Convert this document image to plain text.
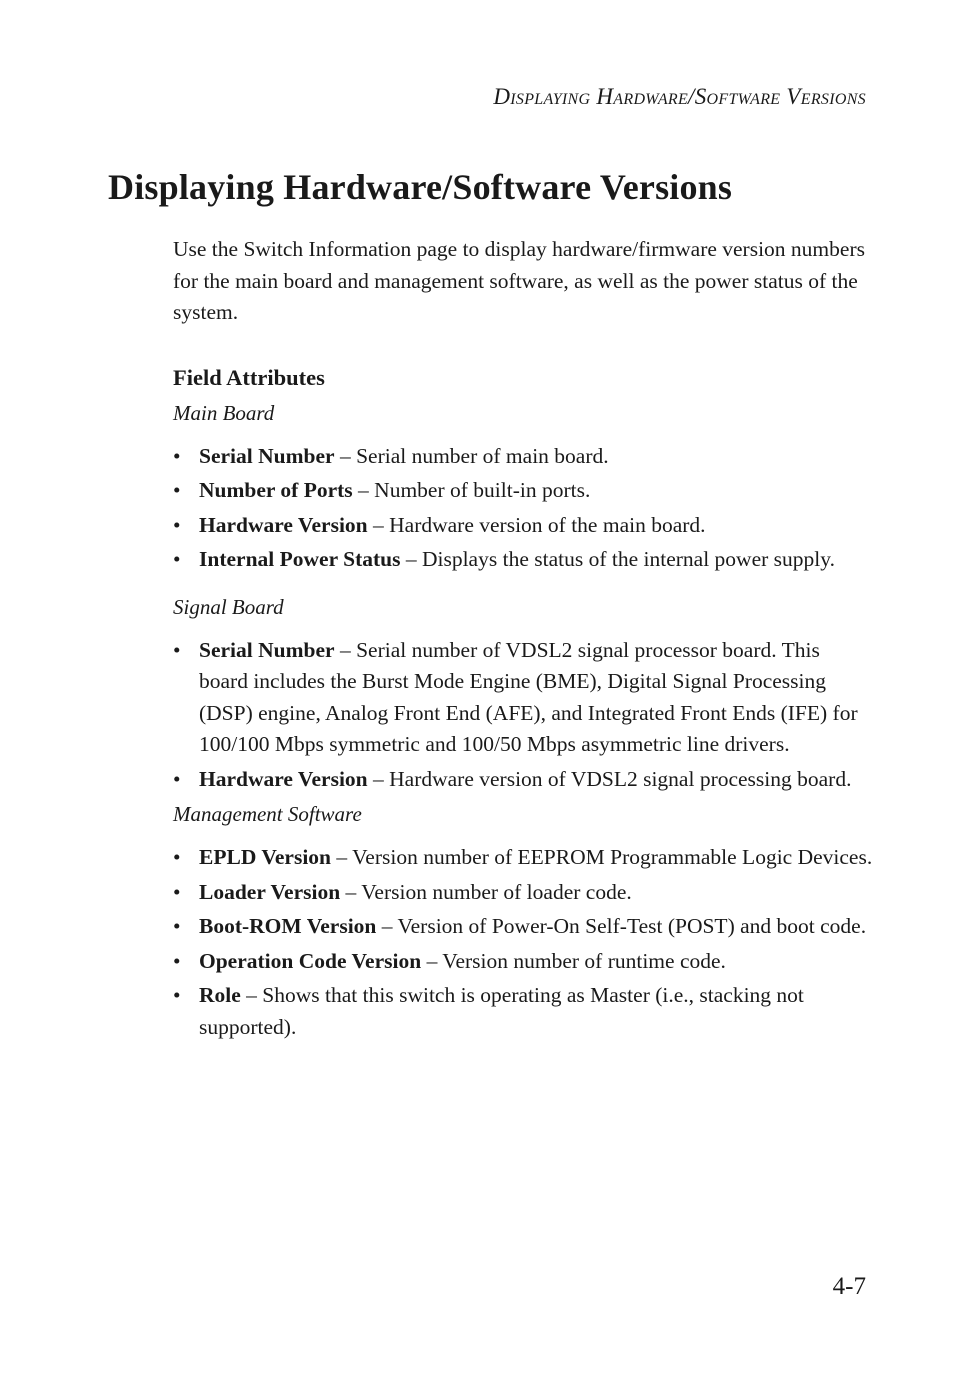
Displaying Hardware/Software Versions
Displaying Hardware/Software Versions

Use the Switch Information page to display hardware/firmware version numbers for the main board and management software, as well as the power status of the system.

Field Attributes
Main Board
• Serial Number – Serial number of main board.
• Number of Ports – Number of built-in ports.
• Hardware Version – Hardware version of the main board.
• Internal Power Status – Displays the status of the internal power supply.
Signal Board
• Serial Number – Serial number of VDSL2 signal processor board. This board includes the Burst Mode Engine (BME), Digital Signal Processing (DSP) engine, Analog Front End (AFE), and Integrated Front Ends (IFE) for 100/100 Mbps symmetric and 100/50 Mbps asymmetric line drivers.
• Hardware Version – Hardware version of VDSL2 signal processing board.
Management Software
• EPLD Version – Version number of EEPROM Programmable Logic Devices.
• Loader Version – Version number of loader code.
• Boot-ROM Version – Version of Power-On Self-Test (POST) and boot code.
• Operation Code Version – Version number of runtime code.
• Role – Shows that this switch is operating as Master (i.e., stacking not supported).
4-7
